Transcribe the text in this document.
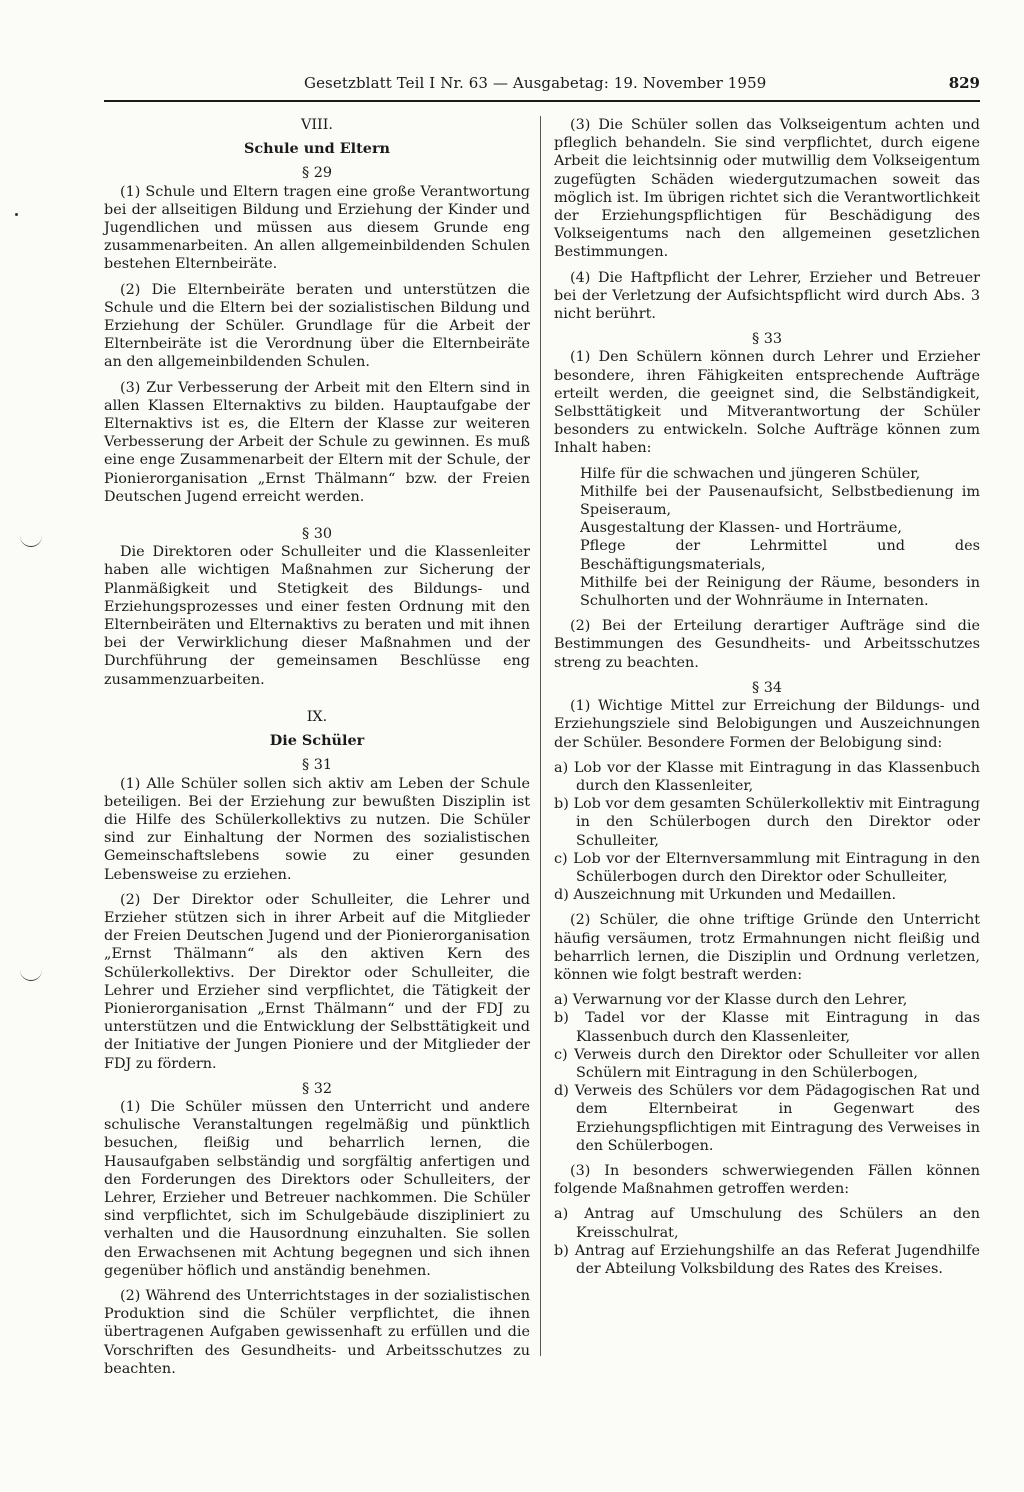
Gesetzblatt Teil I Nr. 63 — Ausgabetag: 19. November 1959	829

VIII.

Schule und Eltern

§ 29

(1) Schule und Eltern tragen eine große Verantwortung bei der allseitigen Bildung und Erziehung der Kinder und Jugendlichen und müssen aus diesem Grunde eng zusammenarbeiten. An allen allgemeinbildenden Schulen bestehen Elternbeiräte.

(2) Die Elternbeiräte beraten und unterstützen die Schule und die Eltern bei der sozialistischen Bildung und Erziehung der Schüler. Grundlage für die Arbeit der Elternbeiräte ist die Verordnung über die Elternbeiräte an den allgemeinbildenden Schulen.

(3) Zur Verbesserung der Arbeit mit den Eltern sind in allen Klassen Elternaktivs zu bilden. Hauptaufgabe der Elternaktivs ist es, die Eltern der Klasse zur weiteren Verbesserung der Arbeit der Schule zu gewinnen. Es muß eine enge Zusammenarbeit der Eltern mit der Schule, der Pionierorganisation „Ernst Thälmann“ bzw. der Freien Deutschen Jugend erreicht werden.

§ 30

Die Direktoren oder Schulleiter und die Klassenleiter haben alle wichtigen Maßnahmen zur Sicherung der Planmäßigkeit und Stetigkeit des Bildungs- und Erziehungsprozesses und einer festen Ordnung mit den Elternbeiräten und Elternaktivs zu beraten und mit ihnen bei der Verwirklichung dieser Maßnahmen und der Durchführung der gemeinsamen Beschlüsse eng zusammenzuarbeiten.

IX.

Die Schüler

§ 31

(1) Alle Schüler sollen sich aktiv am Leben der Schule beteiligen. Bei der Erziehung zur bewußten Disziplin ist die Hilfe des Schülerkollektivs zu nutzen. Die Schüler sind zur Einhaltung der Normen des sozialistischen Gemeinschaftslebens sowie zu einer gesunden Lebensweise zu erziehen.

(2) Der Direktor oder Schulleiter, die Lehrer und Erzieher stützen sich in ihrer Arbeit auf die Mitglieder der Freien Deutschen Jugend und der Pionierorganisation „Ernst Thälmann“ als den aktiven Kern des Schülerkollektivs. Der Direktor oder Schulleiter, die Lehrer und Erzieher sind verpflichtet, die Tätigkeit der Pionierorganisation „Ernst Thälmann“ und der FDJ zu unterstützen und die Entwicklung der Selbsttätigkeit und der Initiative der Jungen Pioniere und der Mitglieder der FDJ zu fördern.

§ 32

(1) Die Schüler müssen den Unterricht und andere schulische Veranstaltungen regelmäßig und pünktlich besuchen, fleißig und beharrlich lernen, die Hausaufgaben selbständig und sorgfältig anfertigen und den Forderungen des Direktors oder Schulleiters, der Lehrer, Erzieher und Betreuer nachkommen. Die Schüler sind verpflichtet, sich im Schulgebäude diszipliniert zu verhalten und die Hausordnung einzuhalten. Sie sollen den Erwachsenen mit Achtung begegnen und sich ihnen gegenüber höflich und anständig benehmen.

(2) Während des Unterrichtstages in der sozialistischen Produktion sind die Schüler verpflichtet, die ihnen übertragenen Aufgaben gewissenhaft zu erfüllen und die Vorschriften des Gesundheits- und Arbeitsschutzes zu beachten.

(3) Die Schüler sollen das Volkseigentum achten und pfleglich behandeln. Sie sind verpflichtet, durch eigene Arbeit die leichtsinnig oder mutwillig dem Volkseigentum zugefügten Schäden wiedergutzumachen soweit das möglich ist. Im übrigen richtet sich die Verantwortlichkeit der Erziehungspflichtigen für Beschädigung des Volkseigentums nach den allgemeinen gesetzlichen Bestimmungen.

(4) Die Haftpflicht der Lehrer, Erzieher und Betreuer bei der Verletzung der Aufsichtspflicht wird durch Abs. 3 nicht berührt.

§ 33

(1) Den Schülern können durch Lehrer und Erzieher besondere, ihren Fähigkeiten entsprechende Aufträge erteilt werden, die geeignet sind, die Selbständigkeit, Selbsttätigkeit und Mitverantwortung der Schüler besonders zu entwickeln. Solche Aufträge können zum Inhalt haben:

Hilfe für die schwachen und jüngeren Schüler,

Mithilfe bei der Pausenaufsicht, Selbstbedienung im Speiseraum,

Ausgestaltung der Klassen- und Horträume,

Pflege der Lehrmittel und des Beschäftigungsmaterials,

Mithilfe bei der Reinigung der Räume, besonders in Schulhorten und der Wohnräume in Internaten.

(2) Bei der Erteilung derartiger Aufträge sind die Bestimmungen des Gesundheits- und Arbeitsschutzes streng zu beachten.

§ 34

(1) Wichtige Mittel zur Erreichung der Bildungs- und Erziehungsziele sind Belobigungen und Auszeichnungen der Schüler. Besondere Formen der Belobigung sind:

a) Lob vor der Klasse mit Eintragung in das Klassenbuch durch den Klassenleiter,

b) Lob vor dem gesamten Schülerkollektiv mit Eintragung in den Schülerbogen durch den Direktor oder Schulleiter,

c) Lob vor der Elternversammlung mit Eintragung in den Schülerbogen durch den Direktor oder Schulleiter,

d) Auszeichnung mit Urkunden und Medaillen.

(2) Schüler, die ohne triftige Gründe den Unterricht häufig versäumen, trotz Ermahnungen nicht fleißig und beharrlich lernen, die Disziplin und Ordnung verletzen, können wie folgt bestraft werden:

a) Verwarnung vor der Klasse durch den Lehrer,

b) Tadel vor der Klasse mit Eintragung in das Klassenbuch durch den Klassenleiter,

c) Verweis durch den Direktor oder Schulleiter vor allen Schülern mit Eintragung in den Schülerbogen,

d) Verweis des Schülers vor dem Pädagogischen Rat und dem Elternbeirat in Gegenwart des Erziehungspflichtigen mit Eintragung des Verweises in den Schülerbogen.

(3) In besonders schwerwiegenden Fällen können folgende Maßnahmen getroffen werden:

a) Antrag auf Umschulung des Schülers an den Kreisschulrat,

b) Antrag auf Erziehungshilfe an das Referat Jugendhilfe der Abteilung Volksbildung des Rates des Kreises.
